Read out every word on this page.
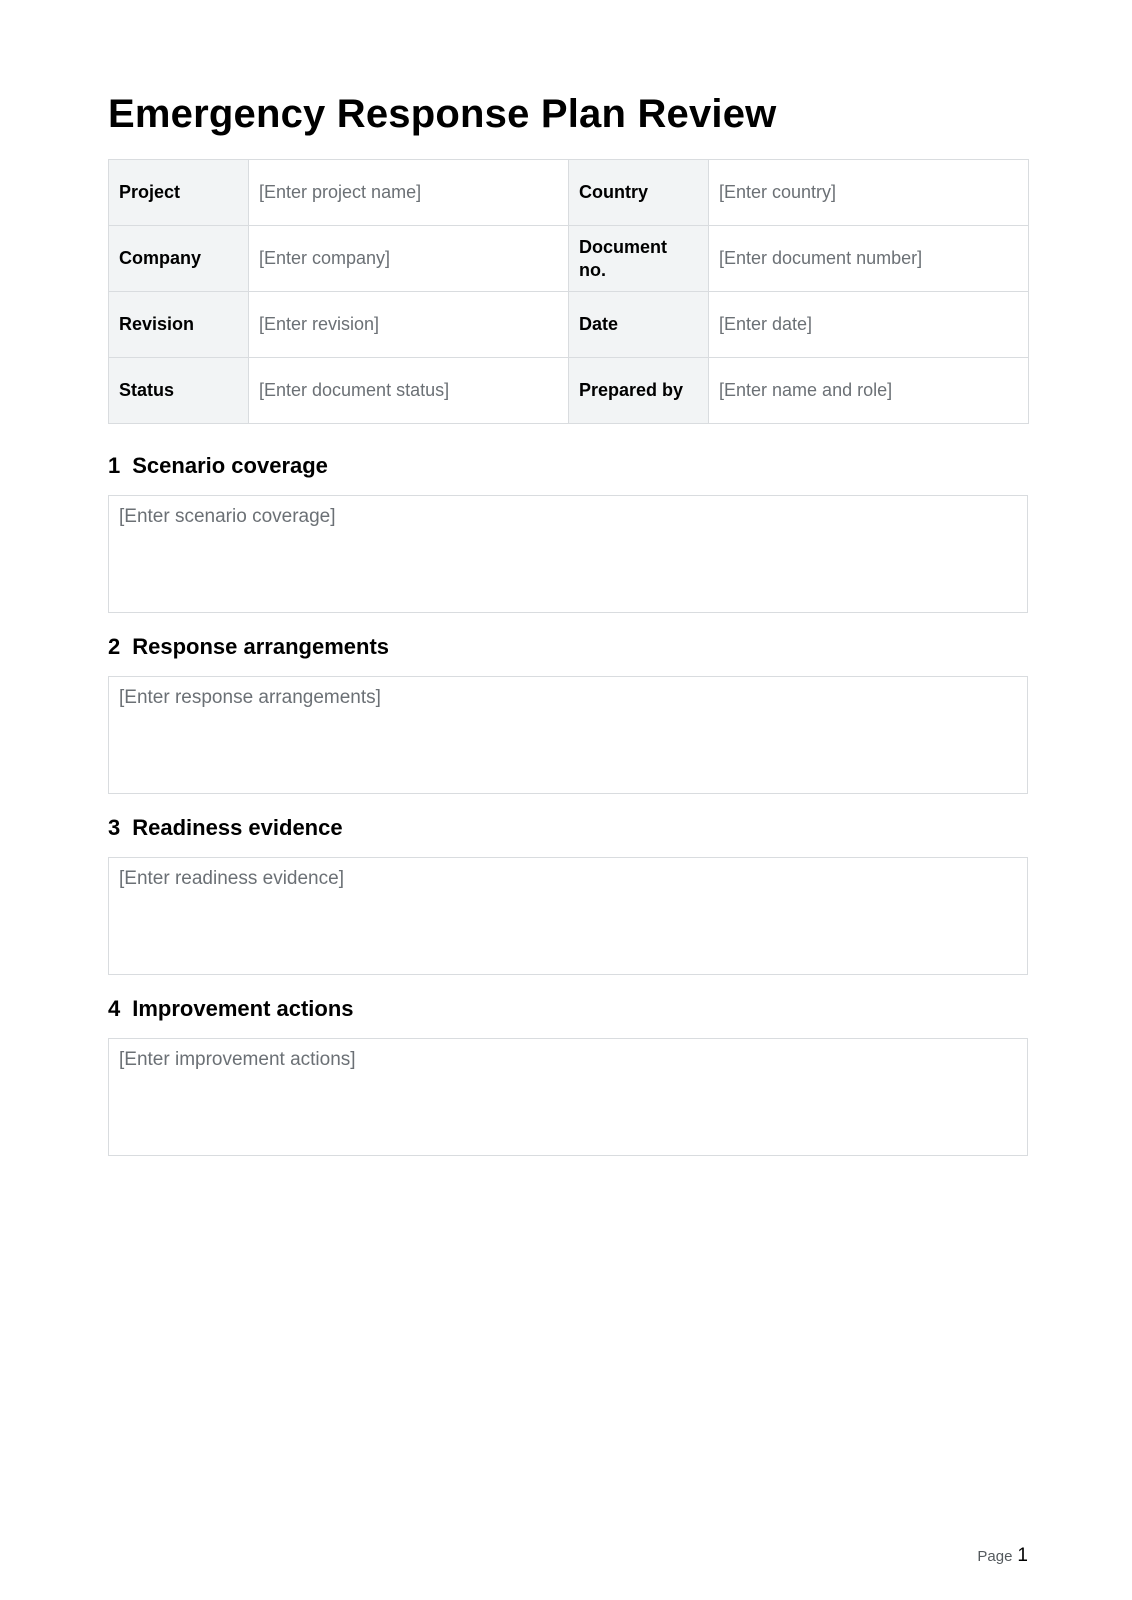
Emergency Response Plan Review
Project	[Enter project name]	Country	[Enter country]
Company	[Enter company]	Document no.	[Enter document number]
Revision	[Enter revision]	Date	[Enter date]
Status	[Enter document status]	Prepared by	[Enter name and role]
1 Scenario coverage
[Enter scenario coverage]
2 Response arrangements
[Enter response arrangements]
3 Readiness evidence
[Enter readiness evidence]
4 Improvement actions
[Enter improvement actions]
Page 1
